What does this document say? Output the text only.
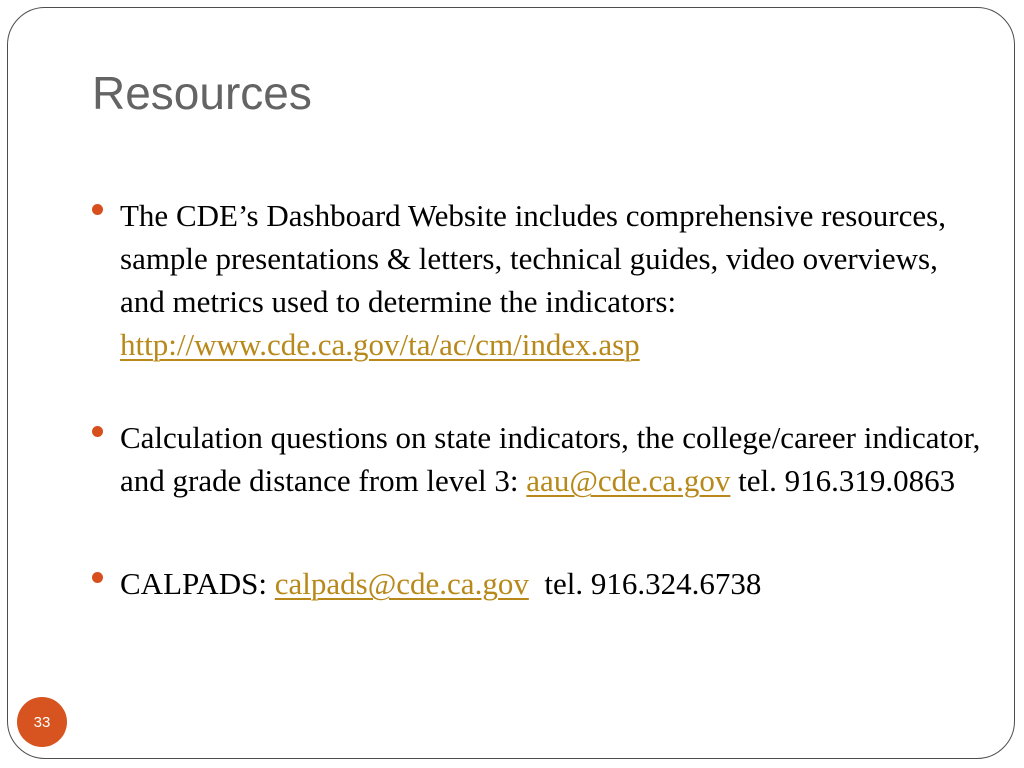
Resources
The CDE’s Dashboard Website includes comprehensive resources, sample presentations & letters, technical guides, video overviews, and metrics used to determine the indicators: http://www.cde.ca.gov/ta/ac/cm/index.asp
Calculation questions on state indicators, the college/career indicator, and grade distance from level 3: aau@cde.ca.gov tel. 916.319.0863
CALPADS: calpads@cde.ca.gov  tel. 916.324.6738
33
